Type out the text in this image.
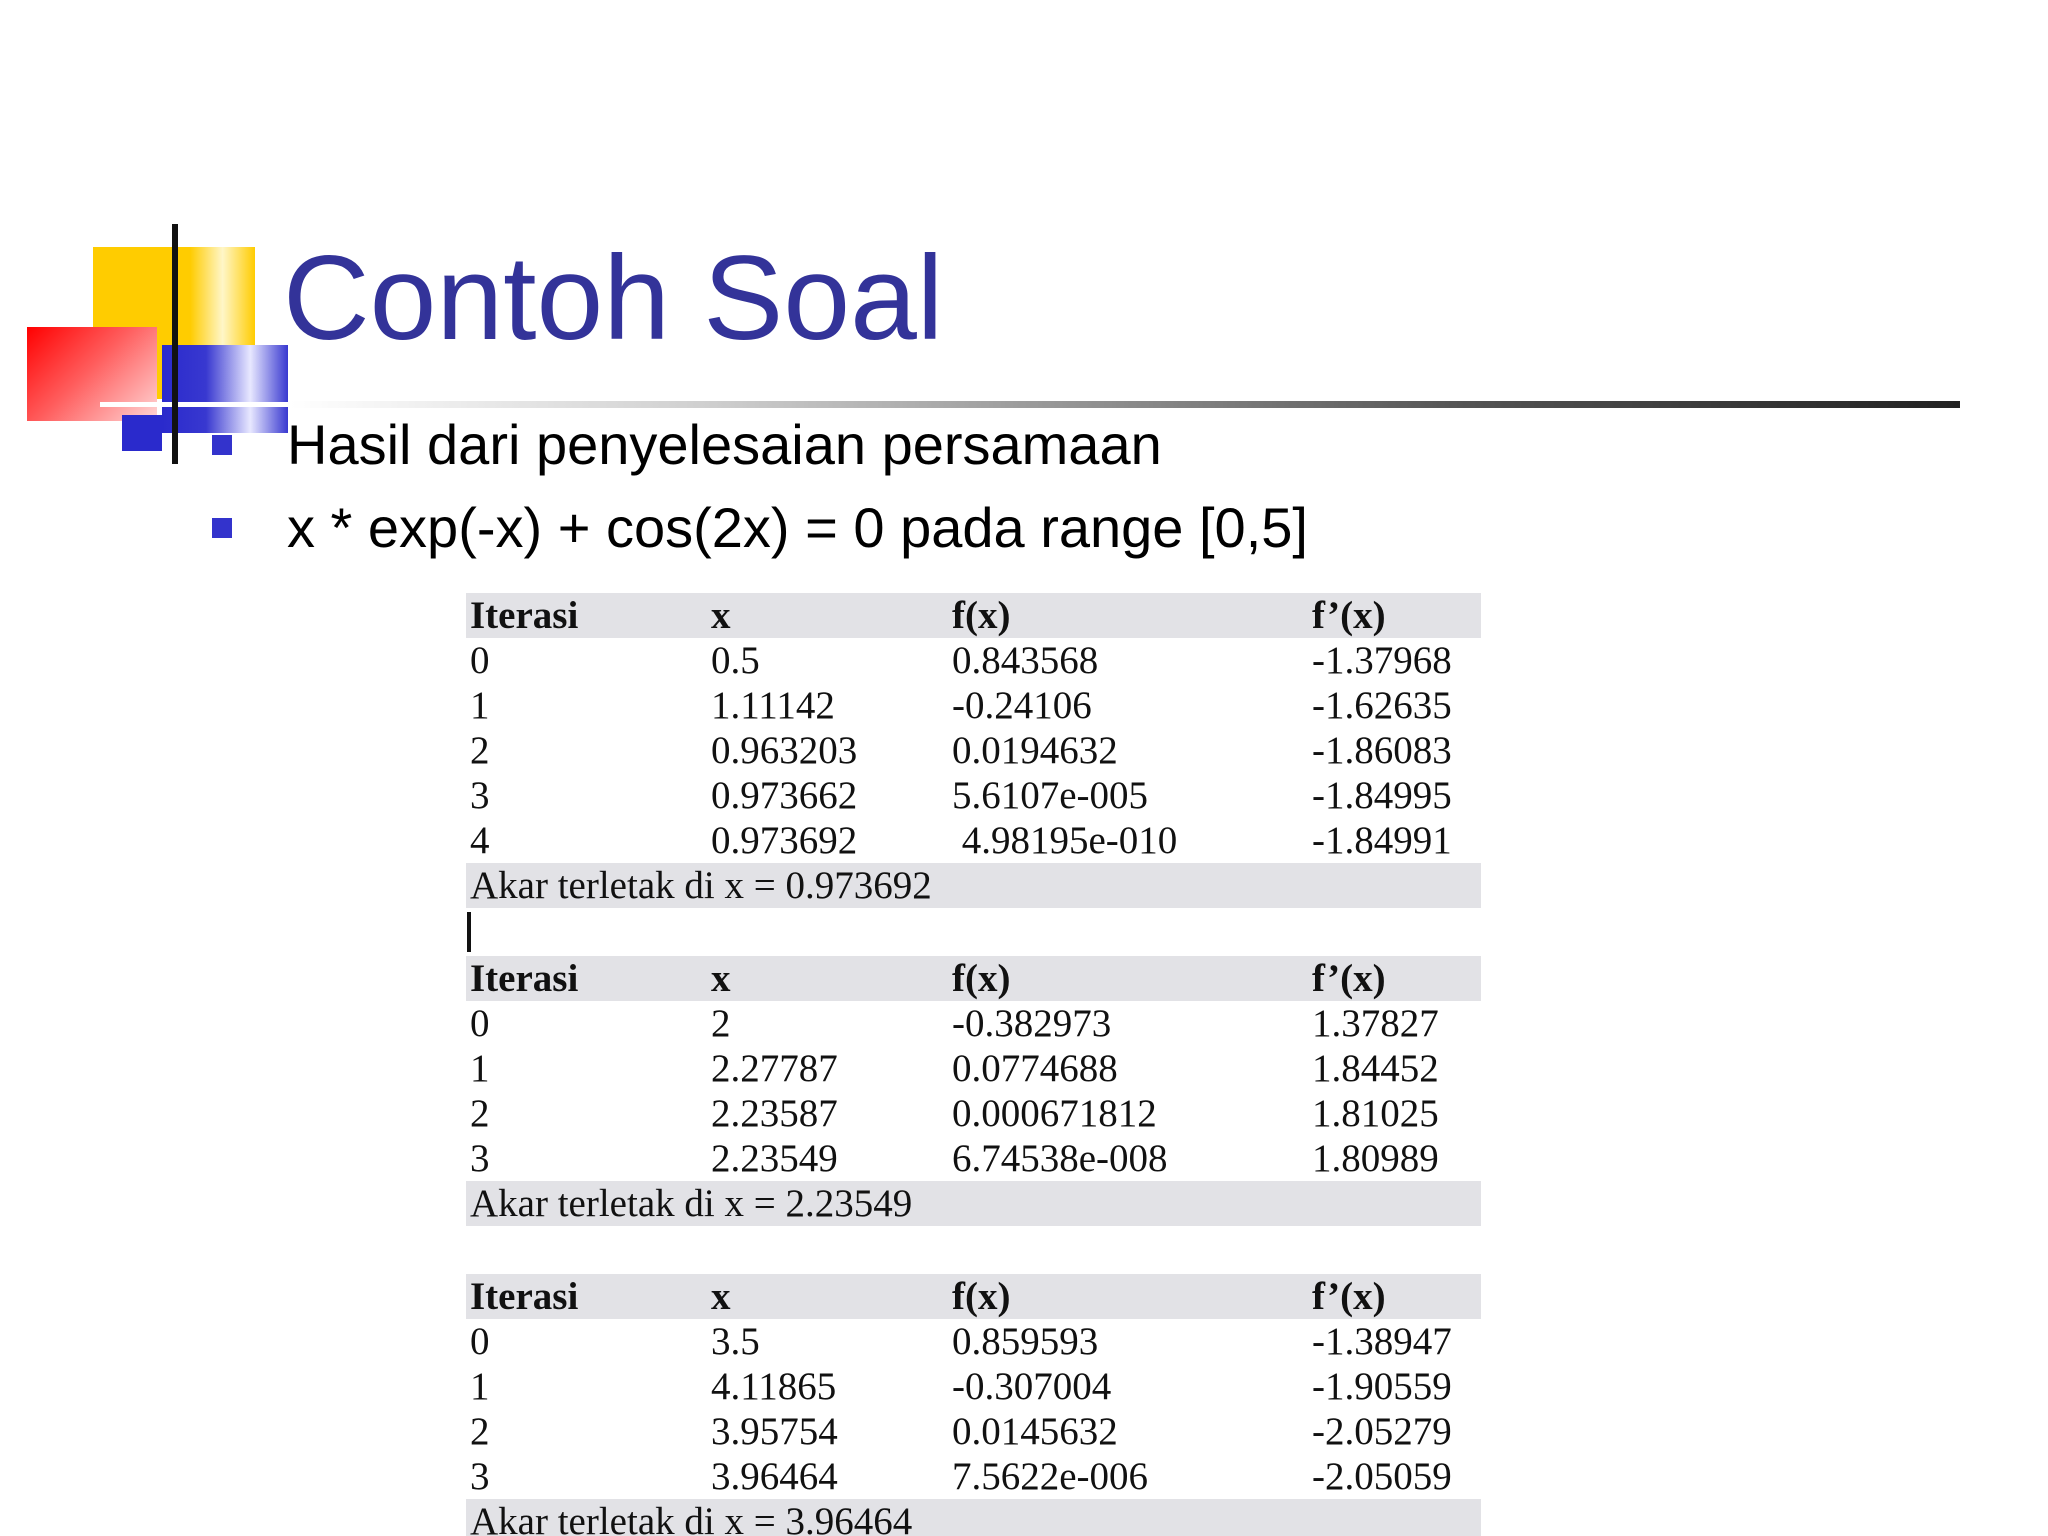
Contoh Soal
Hasil dari penyelesaian persamaan
x * exp(-x) + cos(2x) = 0 pada range [0,5]
Iterasi	x	f(x)	f’(x)
0	0.5	0.843568	-1.37968
1	1.11142	-0.24106	-1.62635
2	0.963203	0.0194632	-1.86083
3	0.973662	5.6107e-005	-1.84995
4	0.973692	4.98195e-010	-1.84991
Akar terletak di x = 0.973692
Iterasi	x	f(x)	f’(x)
0	2	-0.382973	1.37827
1	2.27787	0.0774688	1.84452
2	2.23587	0.000671812	1.81025
3	2.23549	6.74538e-008	1.80989
Akar terletak di x = 2.23549
Iterasi	x	f(x)	f’(x)
0	3.5	0.859593	-1.38947
1	4.11865	-0.307004	-1.90559
2	3.95754	0.0145632	-2.05279
3	3.96464	7.5622e-006	-2.05059
Akar terletak di x = 3.96464
